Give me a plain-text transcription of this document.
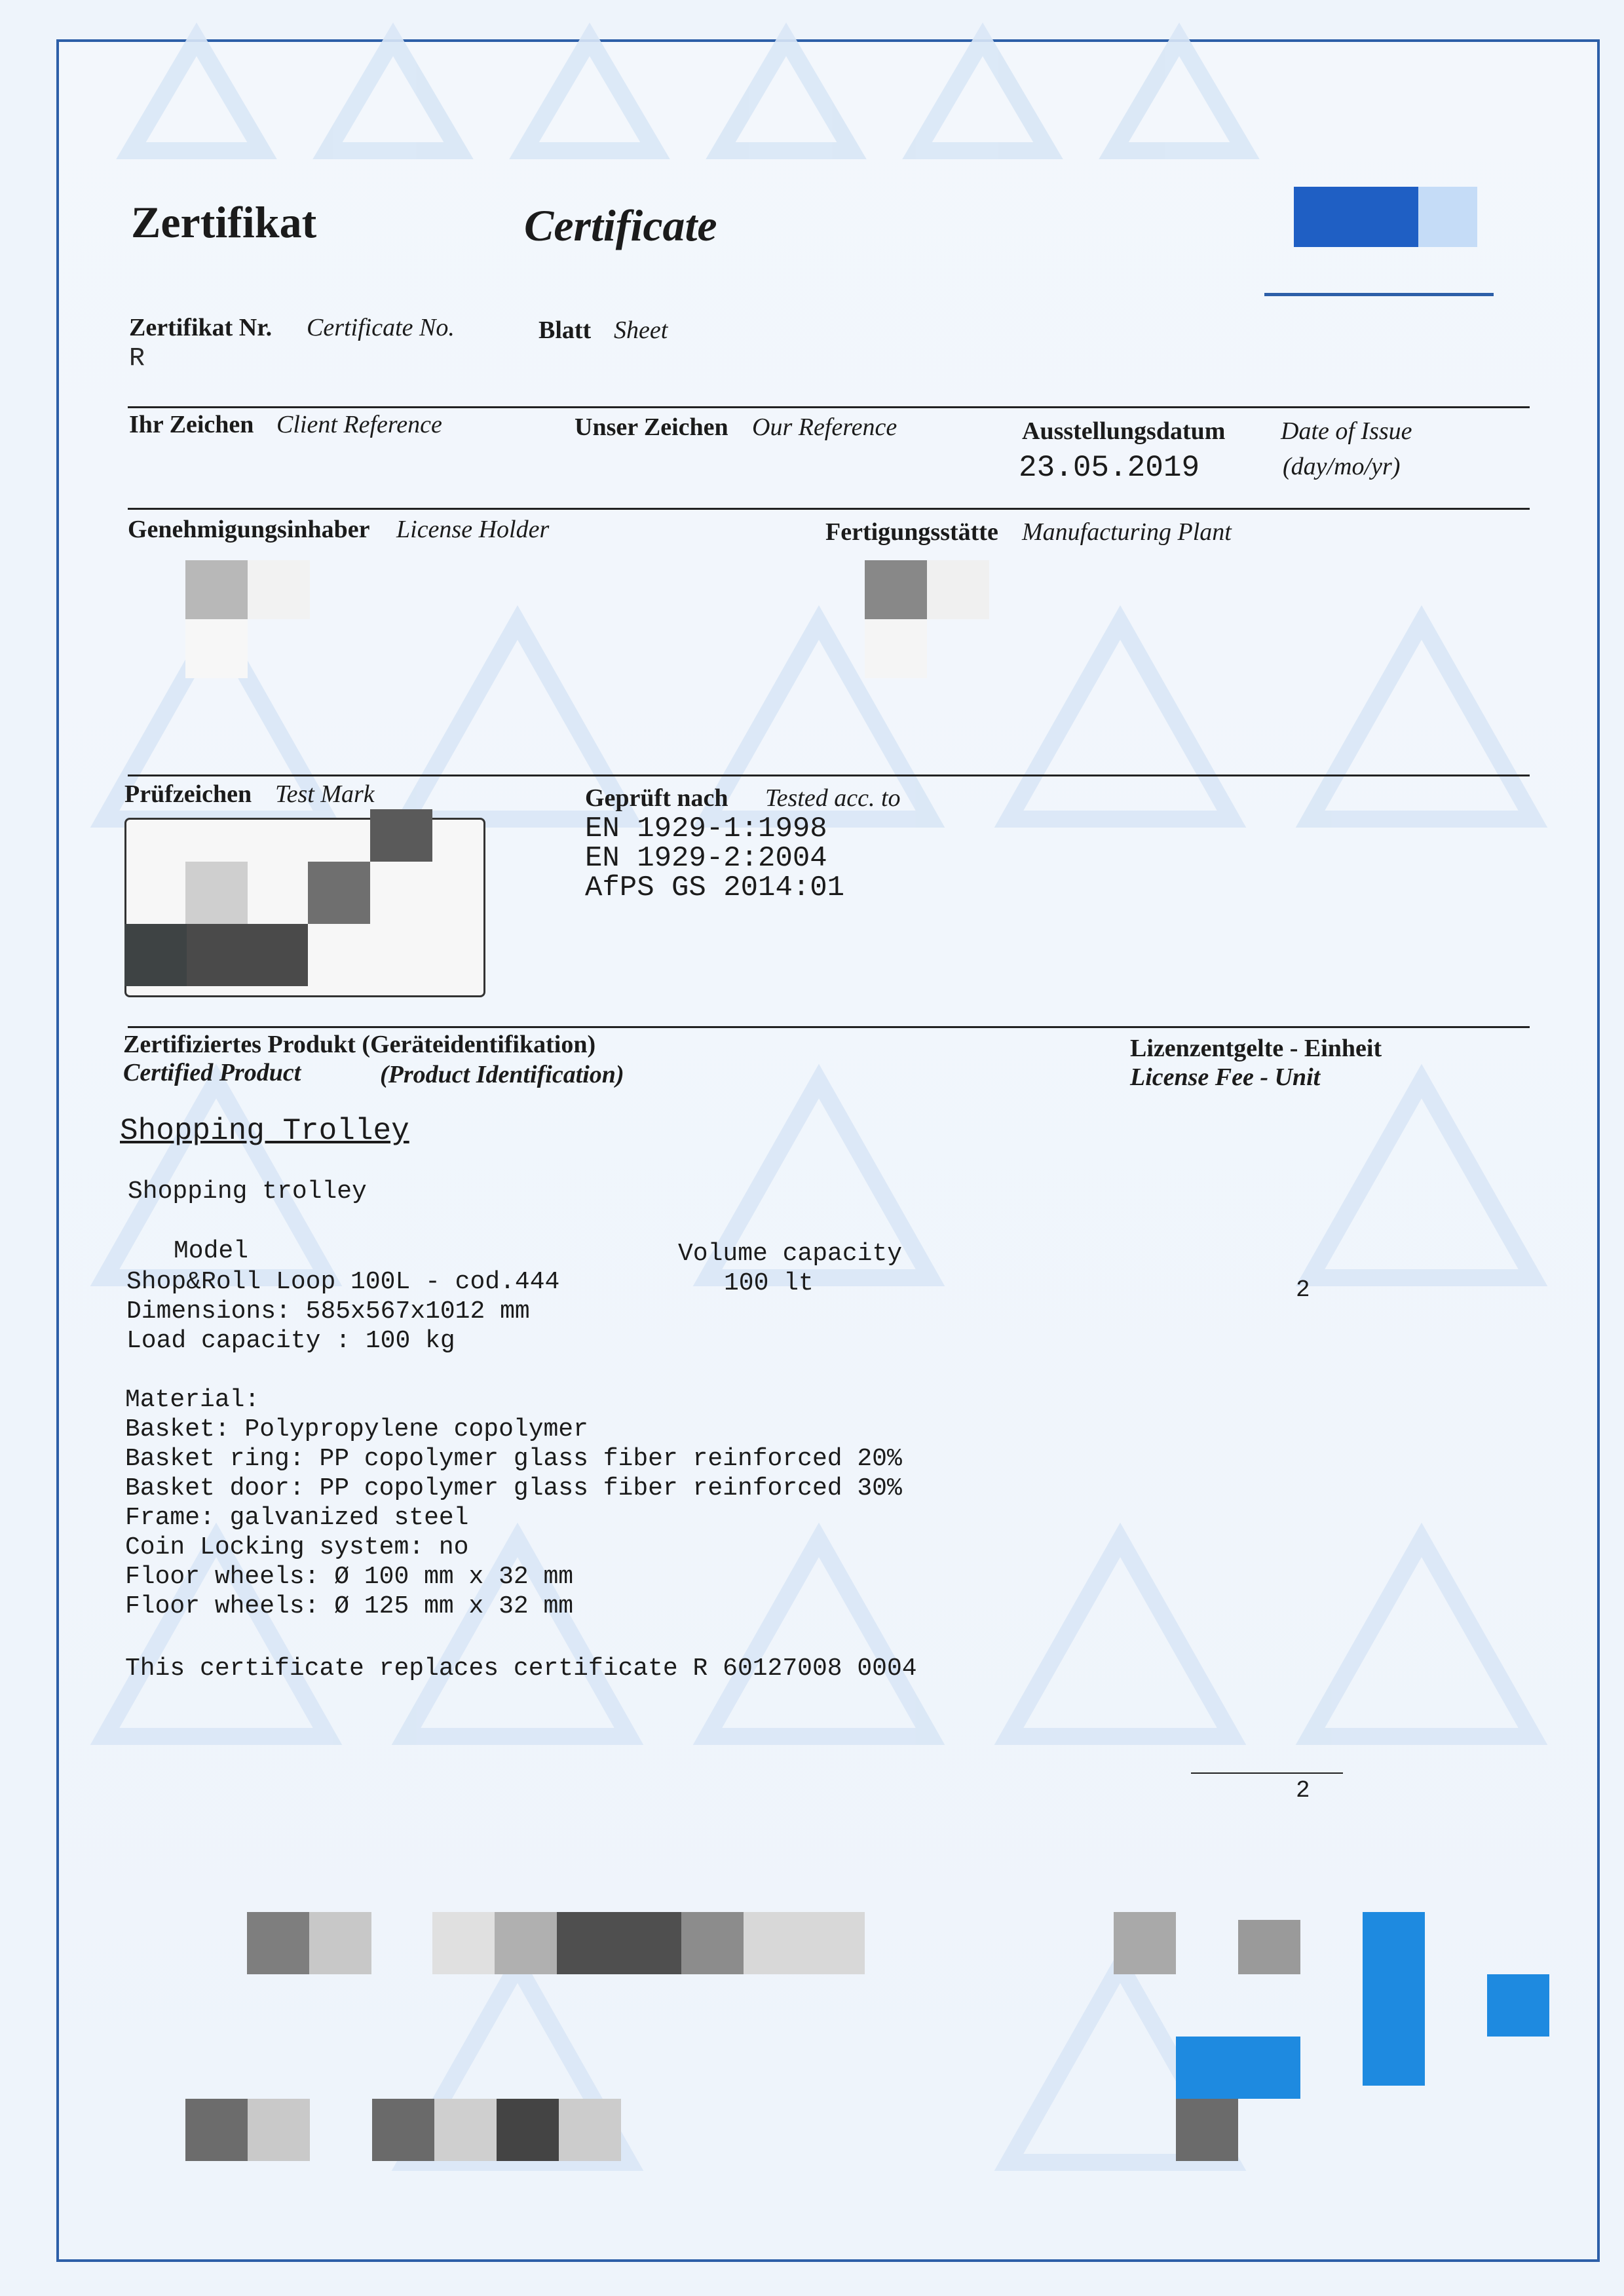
Zertifikat	Certificate
Zertifikat Nr. Certificate No.
R
Blatt Sheet
Ihr Zeichen Client Reference	Unser Zeichen Our Reference	Ausstellungsdatum Date of Issue
23.05.2019	(day/mo/yr)
Genehmigungsinhaber License Holder	Fertigungsstätte Manufacturing Plant
Prüfzeichen Test Mark	Geprüft nach Tested acc. to
EN 1929-1:1998
EN 1929-2:2004
AfPS GS 2014:01
Zertifiziertes Produkt (Geräteidentifikation)
Certified Product	(Product Identification)
Lizenzentgelte - Einheit
License Fee - Unit
Shopping Trolley
Shopping trolley
Model	Volume capacity
Shop&Roll Loop 100L - cod.444	100 lt	2
Dimensions: 585x567x1012 mm
Load capacity : 100 kg
Material:
Basket: Polypropylene copolymer
Basket ring: PP copolymer glass fiber reinforced 20%
Basket door: PP copolymer glass fiber reinforced 30%
Frame: galvanized steel
Coin Locking system: no
Floor wheels: Ø 100 mm x 32 mm
Floor wheels: Ø 125 mm x 32 mm
This certificate replaces certificate R 60127008 0004
2
